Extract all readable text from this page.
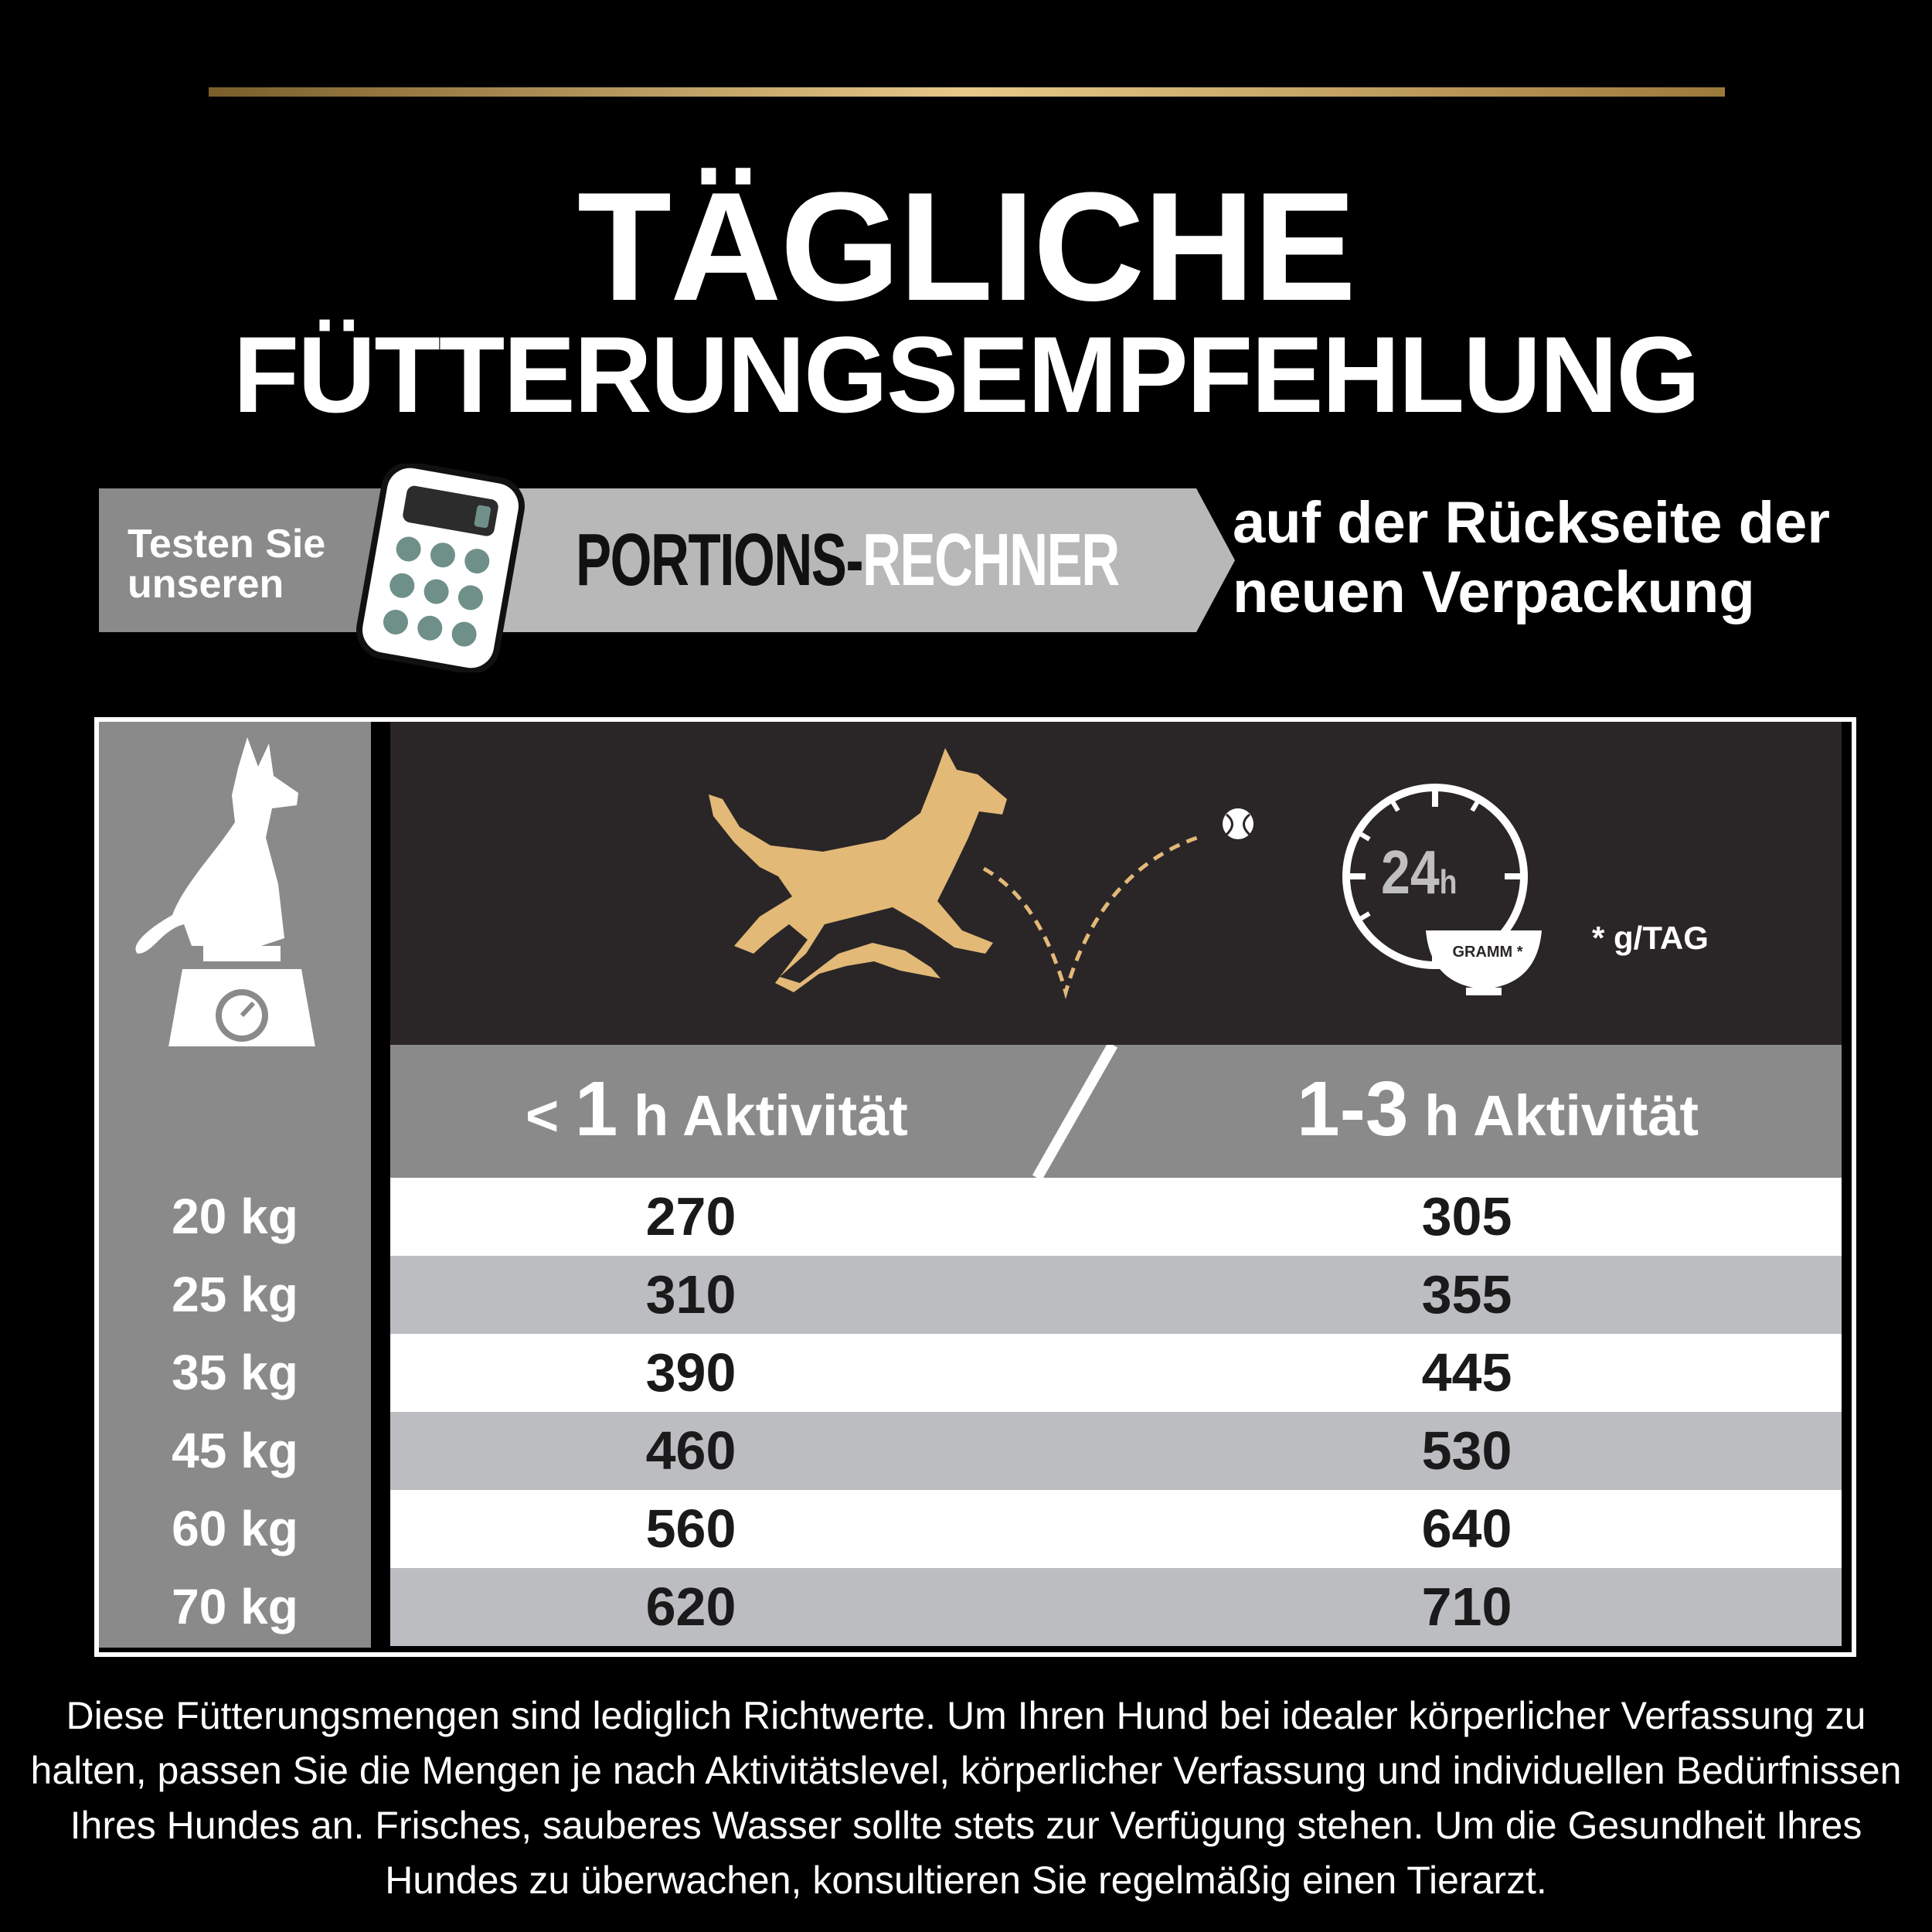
TÄGLICHE
FÜTTERUNGSEMPFEHLUNG
Testen Sie
unseren	PORTIONS-RECHNER auf der Rückseite der
neuen Verpackung
24h
GRAMM *	* g/TAG
< 1 h Aktivität	1-3 h Aktivität
20 kg	270	305
25 kg	310	355
35 kg	390	445
45 kg	460	530
60 kg	560	640
70 kg	620	710
Diese Fütterungsmengen sind lediglich Richtwerte. Um Ihren Hund bei idealer körperlicher Verfassung zu halten, passen Sie die Mengen je nach Aktivitätslevel, körperlicher Verfassung und individuellen Bedürfnissen Ihres Hundes an. Frisches, sauberes Wasser sollte stets zur Verfügung stehen. Um die Gesundheit Ihres Hundes zu überwachen, konsultieren Sie regelmäßig einen Tierarzt.
